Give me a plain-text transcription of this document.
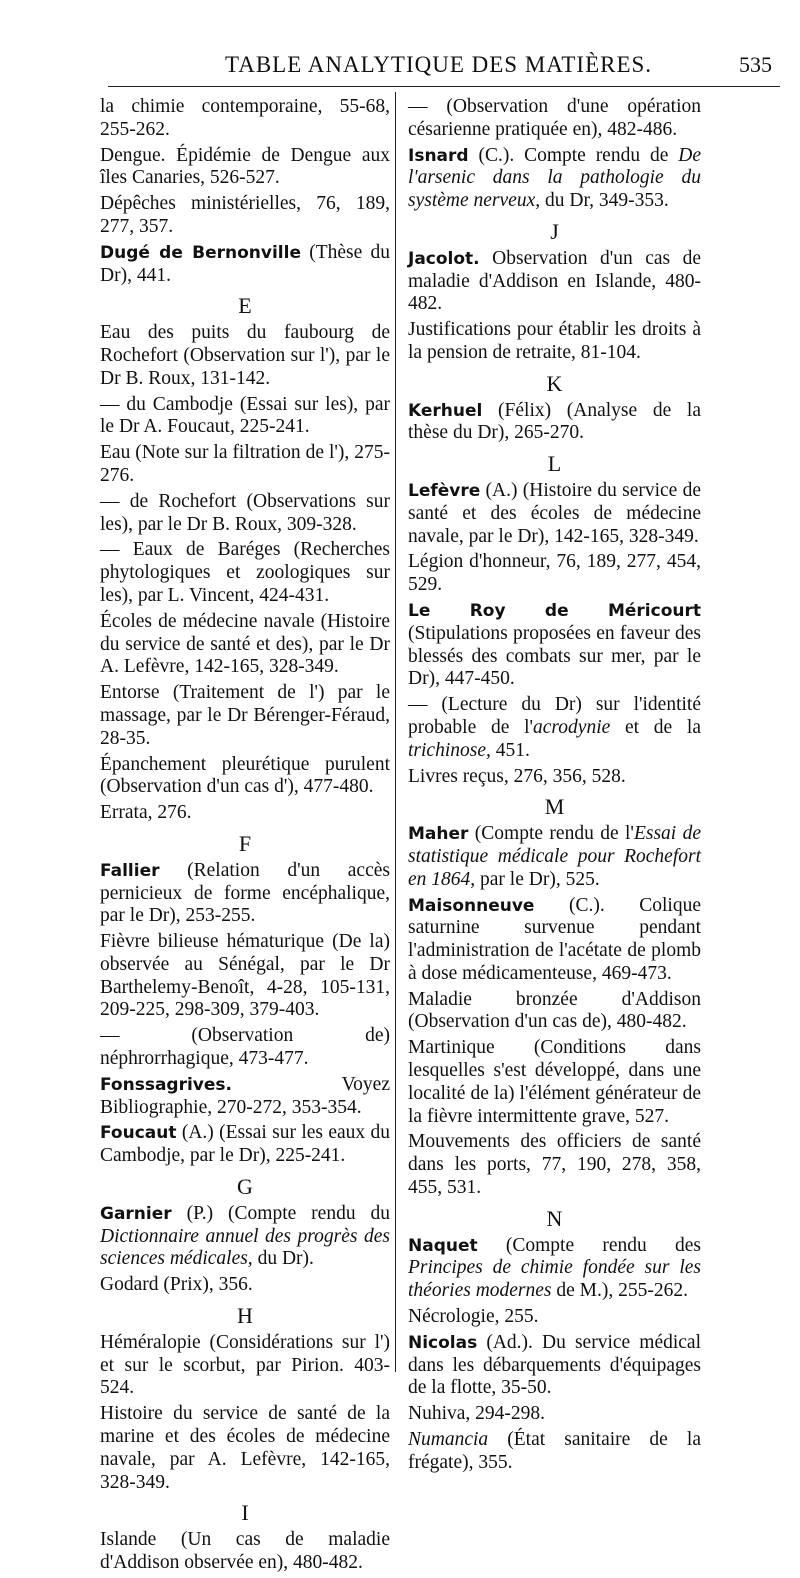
TABLE ANALYTIQUE DES MATIÈRES.	535

la chimie contemporaine, 55-68, 255-262.

Dengue. Épidémie de Dengue aux îles Canaries, 526-527.

Dépêches ministérielles, 76, 189, 277, 357.

Dugé de Bernonville (Thèse du Dr), 441.

E

Eau des puits du faubourg de Rochefort (Observation sur l'), par le Dr B. Roux, 131-142.

— du Cambodje (Essai sur les), par le Dr A. Foucaut, 225-241.

Eau (Note sur la filtration de l'), 275-276.

— de Rochefort (Observations sur les), par le Dr B. Roux, 309-328.

— Eaux de Baréges (Recherches phytologiques et zoologiques sur les), par L. Vincent, 424-431.

Écoles de médecine navale (Histoire du service de santé et des), par le Dr A. Lefèvre, 142-165, 328-349.

Entorse (Traitement de l') par le massage, par le Dr Bérenger-Féraud, 28-35.

Épanchement pleurétique purulent (Observation d'un cas d'), 477-480.

Errata, 276.

F

Fallier (Relation d'un accès pernicieux de forme encéphalique, par le Dr), 253-255.

Fièvre bilieuse hématurique (De la) observée au Sénégal, par le Dr Barthelemy-Benoît, 4-28, 105-131, 209-225, 298-309, 379-403.

— (Observation de) néphrorrhagique, 473-477.

Fonssagrives. Voyez Bibliographie, 270-272, 353-354.

Foucaut (A.) (Essai sur les eaux du Cambodje, par le Dr), 225-241.

G

Garnier (P.) (Compte rendu du Dictionnaire annuel des progrès des sciences médicales, du Dr).

Godard (Prix), 356.

H

Héméralopie (Considérations sur l') et sur le scorbut, par Pirion. 403-524.

Histoire du service de santé de la marine et des écoles de médecine navale, par A. Lefèvre, 142-165, 328-349.

I

Islande (Un cas de maladie d'Addison observée en), 480-482.

— (Observation d'une opération césarienne pratiquée en), 482-486.

Isnard (C.). Compte rendu de De l'arsenic dans la pathologie du système nerveux, du Dr, 349-353.

J

Jacolot. Observation d'un cas de maladie d'Addison en Islande, 480-482.

Justifications pour établir les droits à la pension de retraite, 81-104.

K

Kerhuel (Félix) (Analyse de la thèse du Dr), 265-270.

L

Lefèvre (A.) (Histoire du service de santé et des écoles de médecine navale, par le Dr), 142-165, 328-349.

Légion d'honneur, 76, 189, 277, 454, 529.

Le Roy de Méricourt (Stipulations proposées en faveur des blessés des combats sur mer, par le Dr), 447-450.

— (Lecture du Dr) sur l'identité probable de l'acrodynie et de la trichinose, 451.

Livres reçus, 276, 356, 528.

M

Maher (Compte rendu de l'Essai de statistique médicale pour Rochefort en 1864, par le Dr), 525.

Maisonneuve (C.). Colique saturnine survenue pendant l'administration de l'acétate de plomb à dose médicamenteuse, 469-473.

Maladie bronzée d'Addison (Observation d'un cas de), 480-482.

Martinique (Conditions dans lesquelles s'est développé, dans une localité de la) l'élément générateur de la fièvre intermittente grave, 527.

Mouvements des officiers de santé dans les ports, 77, 190, 278, 358, 455, 531.

N

Naquet (Compte rendu des Principes de chimie fondée sur les théories modernes de M.), 255-262.

Nécrologie, 255.

Nicolas (Ad.). Du service médical dans les débarquements d'équipages de la flotte, 35-50.

Nuhiva, 294-298.

Numancia (État sanitaire de la frégate), 355.
